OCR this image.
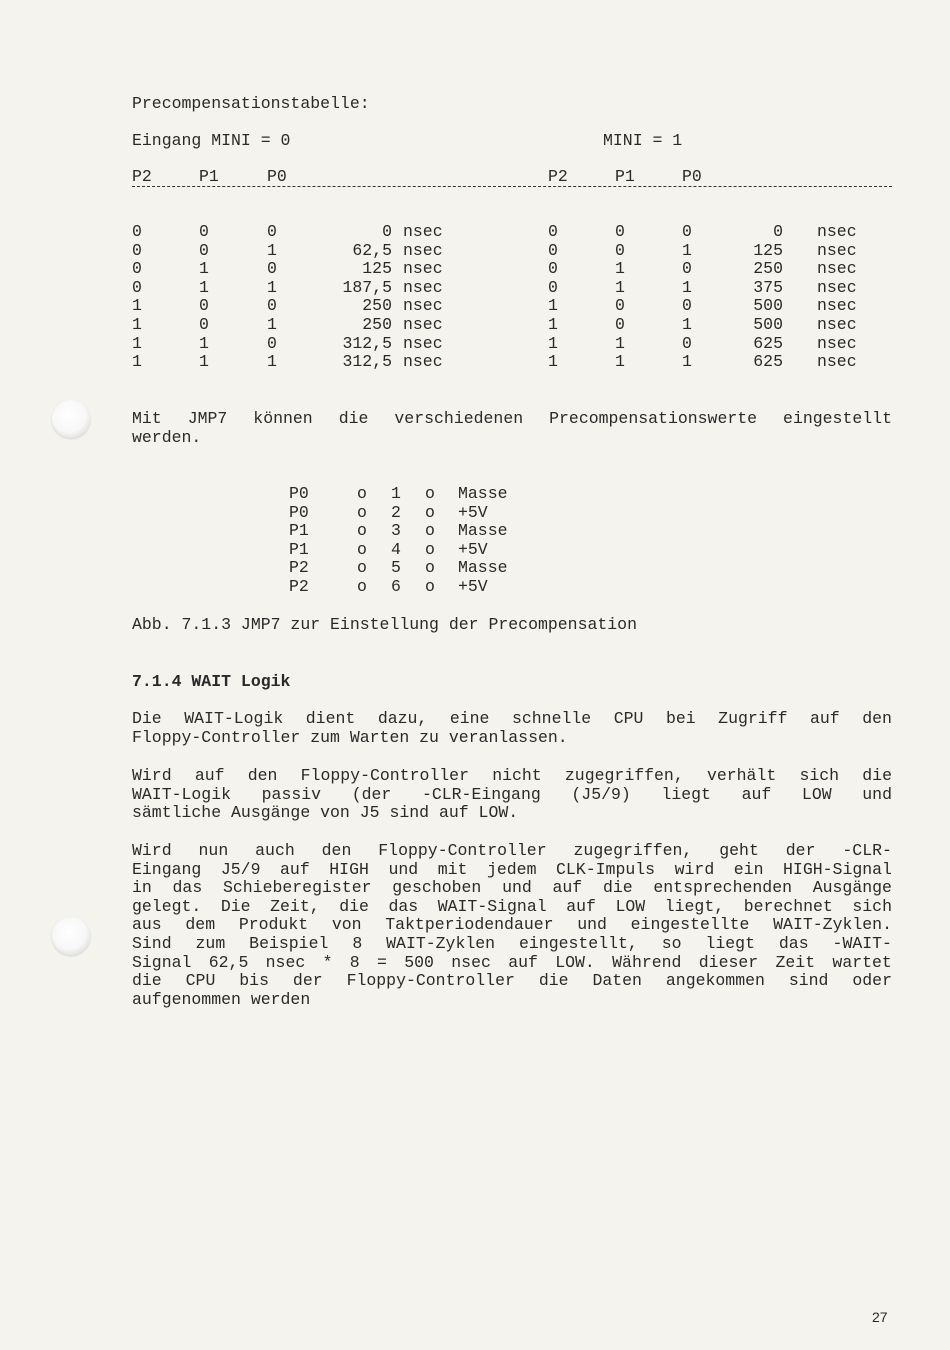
Precompensationstabelle:
Eingang MINI = 0	MINI = 1
P2	P1	P0	P2	P1	P0
0	0	0	0 nsec	0	0	0	0 nsec
0	0	1	62,5 nsec	0	0	1	125 nsec
0	1	0	125 nsec	0	1	0	250 nsec
0	1	1	187,5 nsec	0	1	1	375 nsec
1	0	0	250 nsec	1	0	0	500 nsec
1	0	1	250 nsec	1	0	1	500 nsec
1	1	0	312,5 nsec	1	1	0	625 nsec
1	1	1	312,5 nsec	1	1	1	625 nsec
Mit JMP7 können die verschiedenen Precompensationswerte eingestellt
werden.
P0	o 1 o Masse
P0	o 2 o +5V
P1	o 3 o Masse
P1	o 4 o +5V
P2	o 5 o Masse
P2	o 6 o +5V
Abb. 7.1.3 JMP7 zur Einstellung der Precompensation
7.1.4 WAIT Logik
Die WAIT-Logik dient dazu, eine schnelle CPU bei Zugriff auf den
Floppy-Controller zum Warten zu veranlassen.
Wird auf den Floppy-Controller nicht zugegriffen, verhält sich die
WAIT-Logik passiv (der -CLR-Eingang (J5/9) liegt auf LOW und
sämtliche Ausgänge von J5 sind auf LOW.
Wird nun auch den Floppy-Controller zugegriffen, geht der -CLR-
Eingang J5/9 auf HIGH und mit jedem CLK-Impuls wird ein HIGH-Signal
in das Schieberegister geschoben und auf die entsprechenden Ausgänge
gelegt. Die Zeit, die das WAIT-Signal auf LOW liegt, berechnet sich
aus dem Produkt von Taktperiodendauer und eingestellte WAIT-Zyklen.
Sind zum Beispiel 8 WAIT-Zyklen eingestellt, so liegt das -WAIT-
Signal 62,5 nsec * 8 = 500 nsec auf LOW. Während dieser Zeit wartet
die CPU bis der Floppy-Controller die Daten angekommen sind oder
aufgenommen werden
27
